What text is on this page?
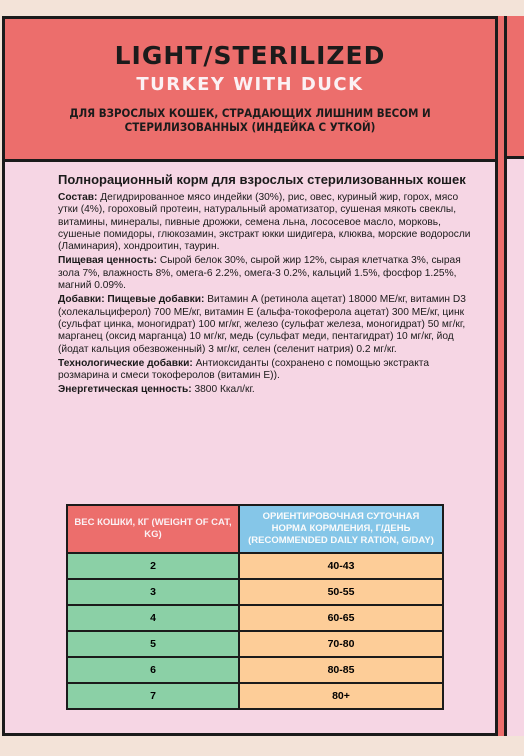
LIGHT/STERILIZED
TURKEY WITH DUCK
ДЛЯ ВЗРОСЛЫХ КОШЕК, СТРАДАЮЩИХ ЛИШНИМ ВЕСОМ И СТЕРИЛИЗОВАННЫХ (ИНДЕЙКА С УТКОЙ)
Полнорационный корм для взрослых стерилизованных кошек
Состав: Дегидрированное мясо индейки (30%), рис, овес, куриный жир, горох, мясо утки (4%), гороховый протеин, натуральный ароматизатор, сушеная мякоть свеклы, витамины, минералы, пивные дрожжи, семена льна, лососевое масло, морковь, сушеные помидоры, глюкозамин, экстракт юкки шидигера, клюква, морские водоросли (Ламинария), хондроитин, таурин.
Пищевая ценность: Сырой белок 30%, сырой жир 12%, сырая клетчатка 3%, сырая зола 7%, влажность 8%, омега-6 2.2%, омега-3 0.2%, кальций 1.5%, фосфор 1.25%, магний 0.09%.
Добавки: Пищевые добавки: Витамин А (ретинола ацетат) 18000 МЕ/кг, витамин D3 (холекальциферол) 700 МЕ/кг, витамин Е (альфа-токоферола ацетат) 300 МЕ/кг, цинк (сульфат цинка, моногидрат) 100 мг/кг, железо (сульфат железа, моногидрат) 50 мг/кг, марганец (оксид марганца) 10 мг/кг, медь (сульфат меди, пентагидрат) 10 мг/кг, йод (йодат кальция обезвоженный) 3 мг/кг, селен (селенит натрия) 0.2 мг/кг.
Технологические добавки: Антиоксиданты (сохранено с помощью экстракта розмарина и смеси токоферолов (витамин Е)).
Энергетическая ценность: 3800 Ккал/кг.
ВЕС КОШКИ, КГ (WEIGHT OF CAT, KG)	ОРИЕНТИРОВОЧНАЯ СУТОЧНАЯ НОРМА КОРМЛЕНИЯ, Г/ДЕНЬ (RECOMMENDED DAILY RATION, G/DAY)
2	40-43
3	50-55
4	60-65
5	70-80
6	80-85
7	80+
